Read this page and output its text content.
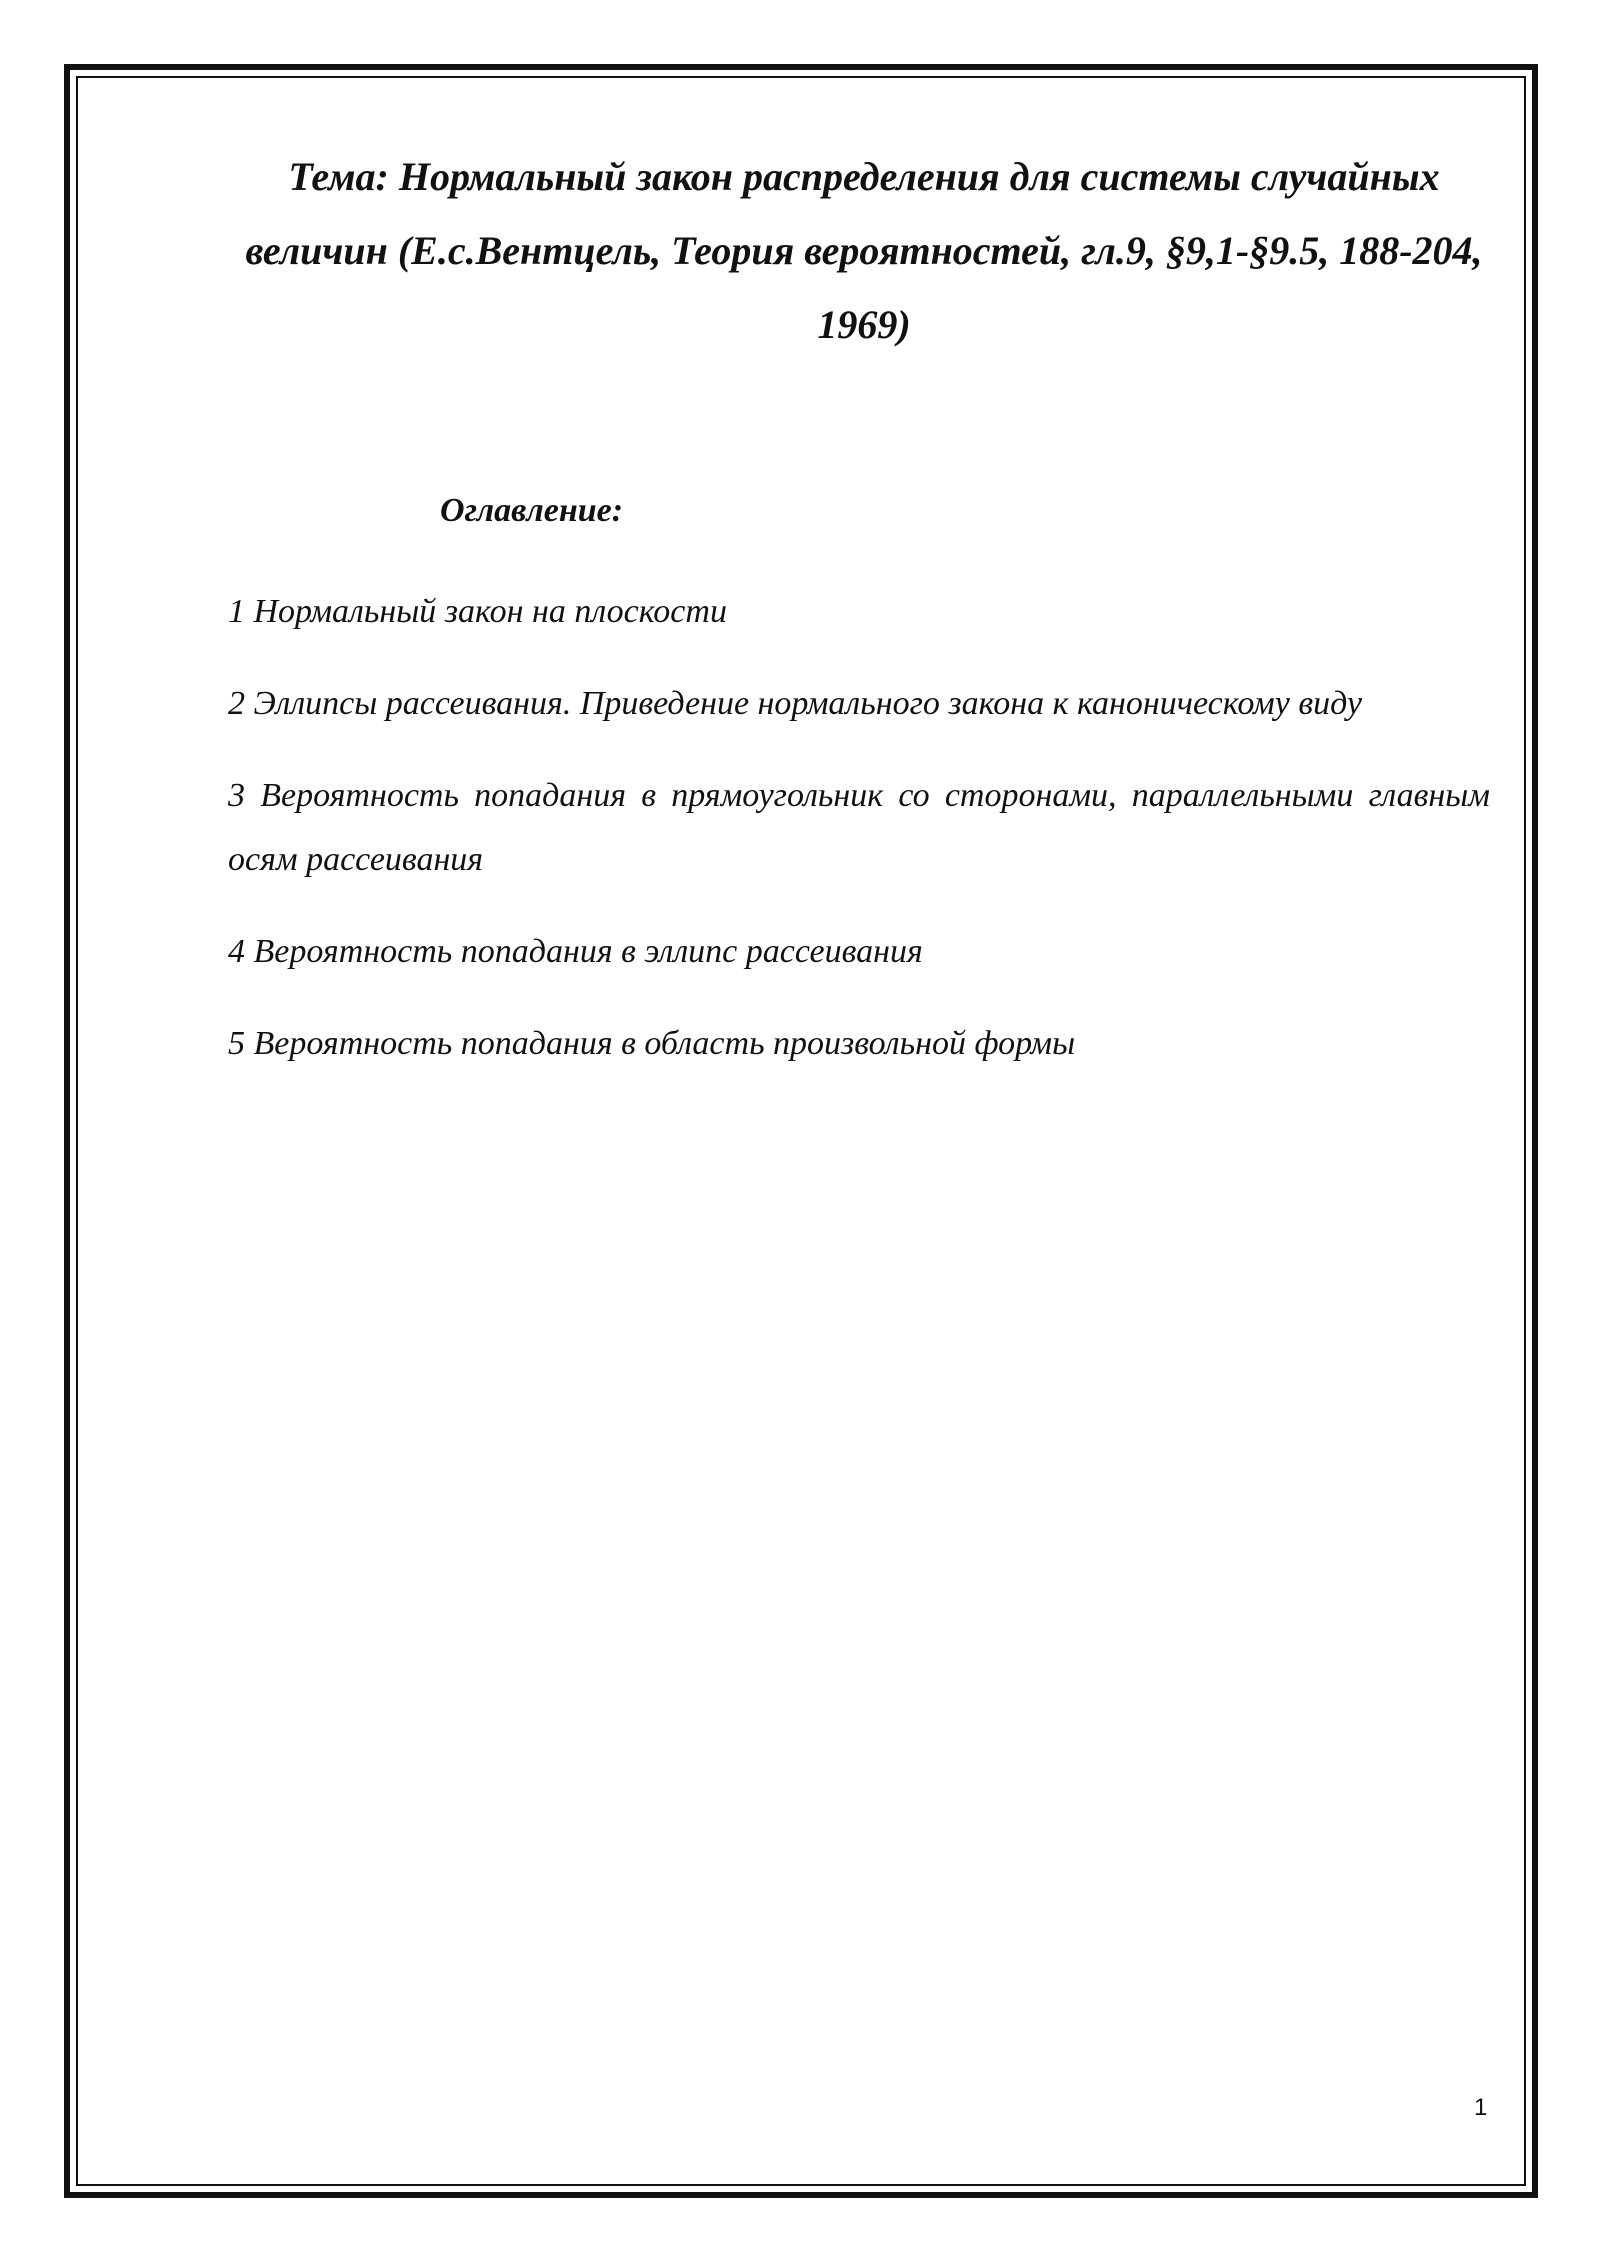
Тема: Нормальный закон распределения для системы случайных величин (Е.с.Вентцель, Теория вероятностей, гл.9, §9,1-§9.5, 188-204, 1969)

Оглавление:

1 Нормальный закон на плоскости
2 Эллипсы рассеивания. Приведение нормального закона к каноническому виду
3 Вероятность попадания в прямоугольник со сторонами, параллельными главным осям рассеивания
4 Вероятность попадания в эллипс рассеивания
5 Вероятность попадания в область произвольной формы
1
